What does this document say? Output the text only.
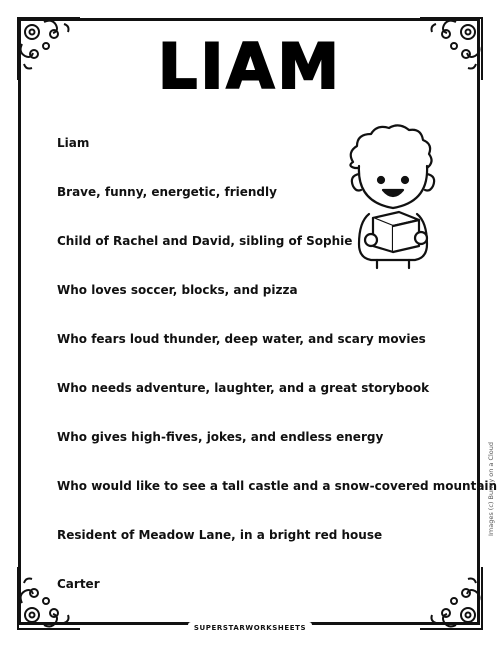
LIAM
Liam
Brave, funny, energetic, friendly
Child of Rachel and David, sibling of Sophie
Who loves soccer, blocks, and pizza
Who fears loud thunder, deep water, and scary movies
Who needs adventure, laughter, and a great storybook
Who gives high-fives, jokes, and endless energy
Who would like to see a tall castle and a snow-covered mountain
Resident of Meadow Lane, in a bright red house
Carter
Images (c) Bunny on a Cloud
SUPERSTARWORKSHEETS
